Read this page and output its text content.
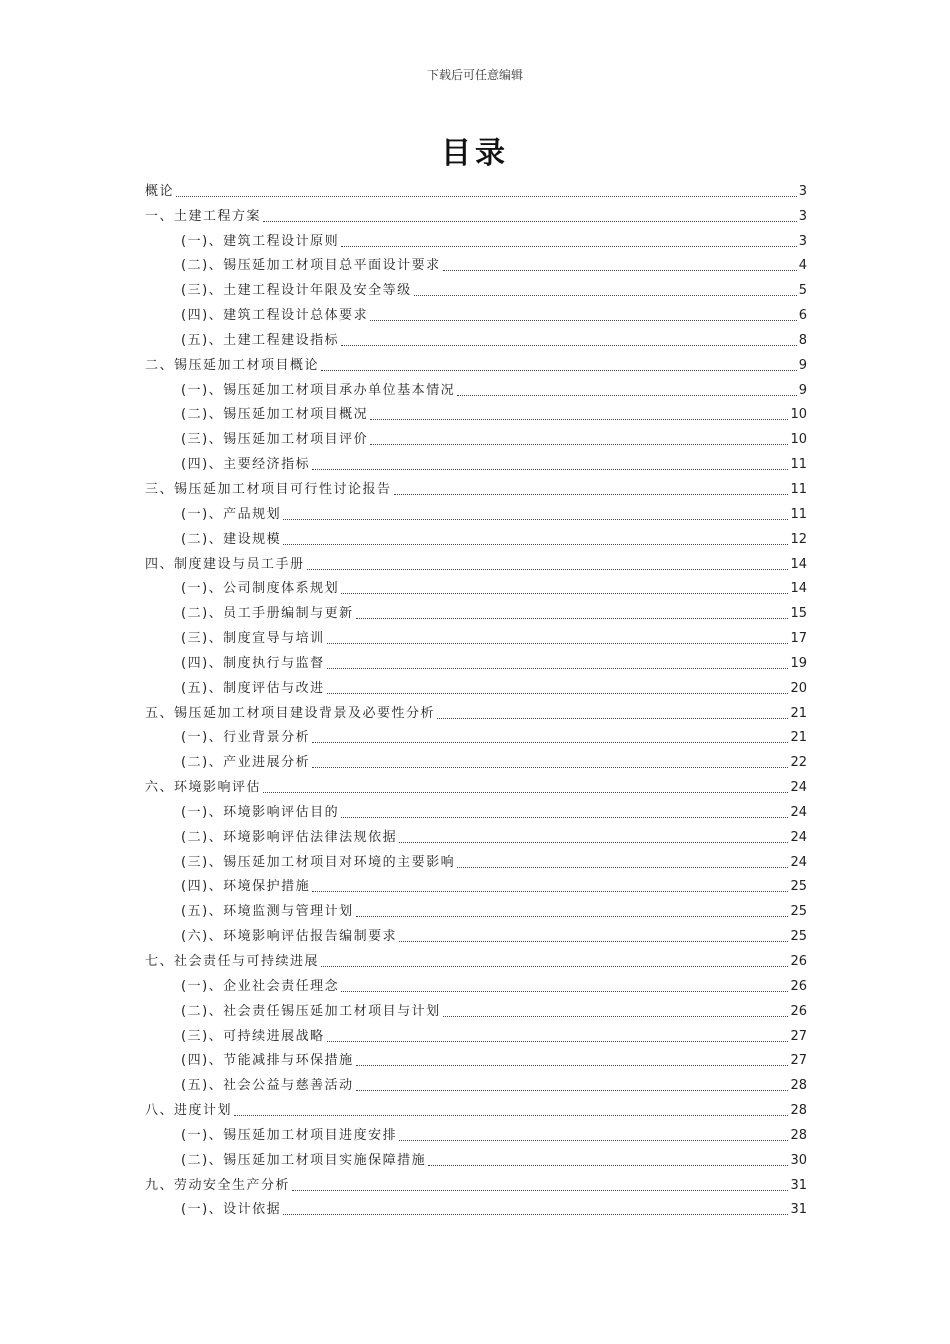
下载后可任意编辑
目录
概论	3
一、土建工程方案	3
(一)、建筑工程设计原则	3
(二)、锡压延加工材项目总平面设计要求	4
(三)、土建工程设计年限及安全等级	5
(四)、建筑工程设计总体要求	6
(五)、土建工程建设指标	8
二、锡压延加工材项目概论	9
(一)、锡压延加工材项目承办单位基本情况	9
(二)、锡压延加工材项目概况	10
(三)、锡压延加工材项目评价	10
(四)、主要经济指标	11
三、锡压延加工材项目可行性讨论报告	11
(一)、产品规划	11
(二)、建设规模	12
四、制度建设与员工手册	14
(一)、公司制度体系规划	14
(二)、员工手册编制与更新	15
(三)、制度宣导与培训	17
(四)、制度执行与监督	19
(五)、制度评估与改进	20
五、锡压延加工材项目建设背景及必要性分析	21
(一)、行业背景分析	21
(二)、产业进展分析	22
六、环境影响评估	24
(一)、环境影响评估目的	24
(二)、环境影响评估法律法规依据	24
(三)、锡压延加工材项目对环境的主要影响	24
(四)、环境保护措施	25
(五)、环境监测与管理计划	25
(六)、环境影响评估报告编制要求	25
七、社会责任与可持续进展	26
(一)、企业社会责任理念	26
(二)、社会责任锡压延加工材项目与计划	26
(三)、可持续进展战略	27
(四)、节能减排与环保措施	27
(五)、社会公益与慈善活动	28
八、进度计划	28
(一)、锡压延加工材项目进度安排	28
(二)、锡压延加工材项目实施保障措施	30
九、劳动安全生产分析	31
(一)、设计依据	31
